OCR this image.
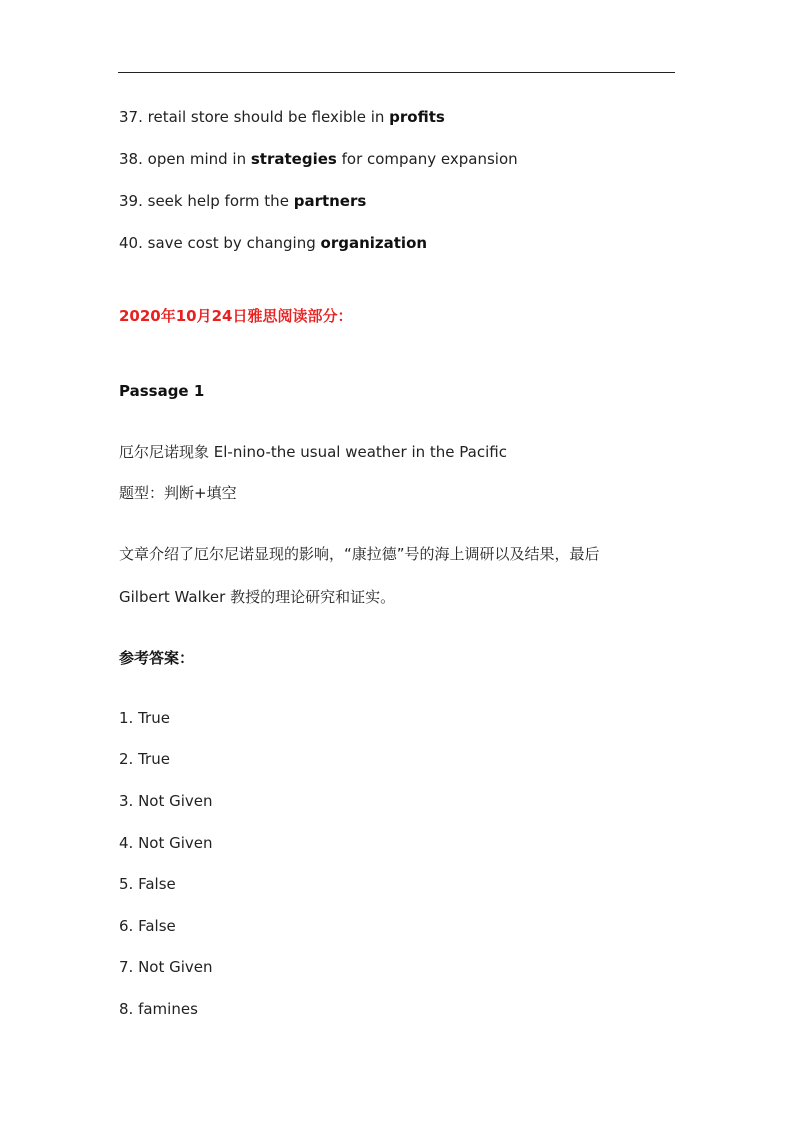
37. retail store should be flexible in profits
38. open mind in strategies for company expansion
39. seek help form the partners
40. save cost by changing organization
2020年10月24日雅思阅读部分：
Passage 1
厄尔尼诺现象 El-nino-the usual weather in the Pacific
题型：判断+填空
文章介绍了厄尔尼诺显现的影响，“康拉德”号的海上调研以及结果，最后
Gilbert Walker 教授的理论研究和证实。
参考答案：
1. True
2. True
3. Not Given
4. Not Given
5. False
6. False
7. Not Given
8. famines
